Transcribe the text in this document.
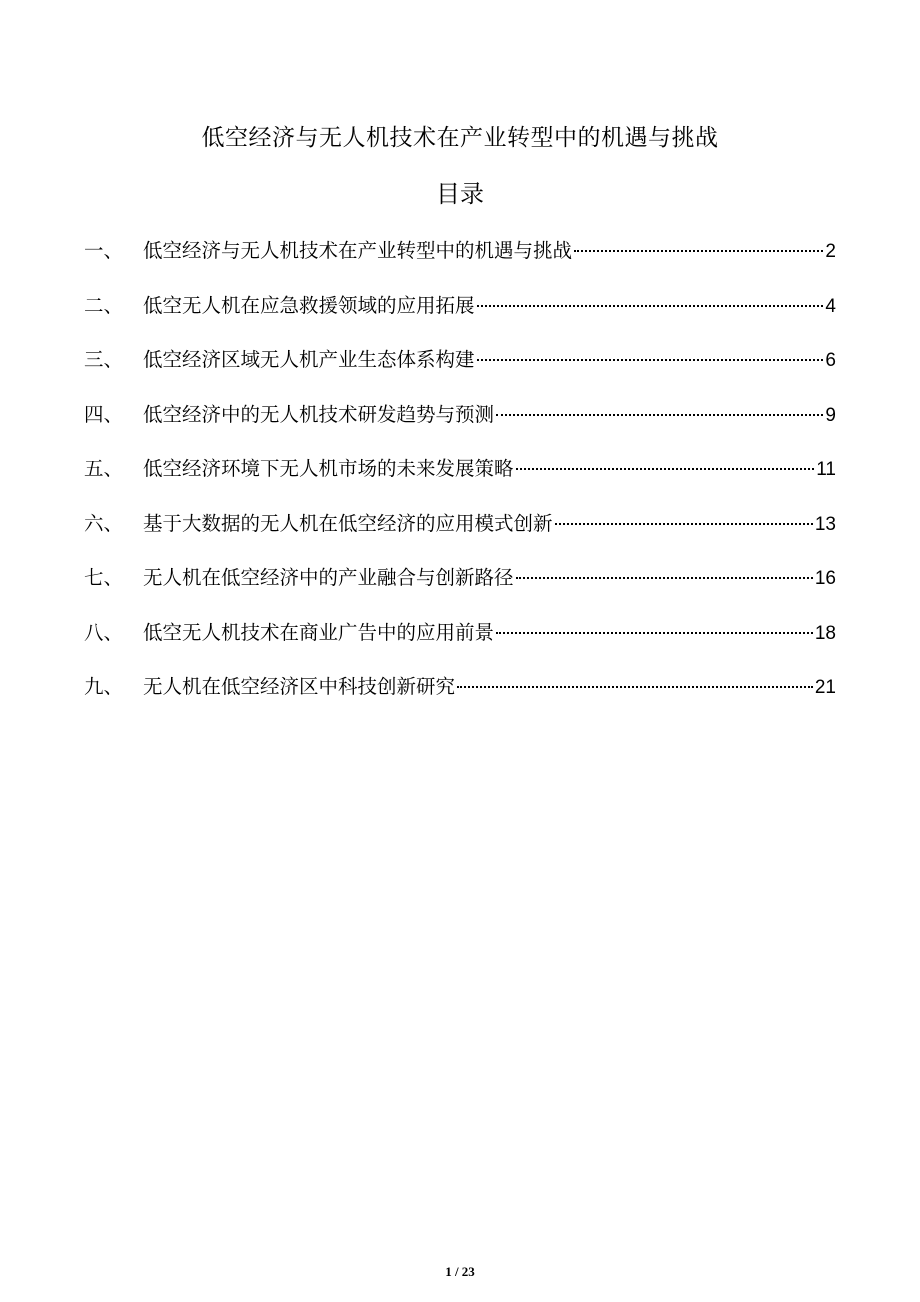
低空经济与无人机技术在产业转型中的机遇与挑战
目录
一、	低空经济与无人机技术在产业转型中的机遇与挑战	2
二、	低空无人机在应急救援领域的应用拓展	4
三、	低空经济区域无人机产业生态体系构建	6
四、	低空经济中的无人机技术研发趋势与预测	9
五、	低空经济环境下无人机市场的未来发展策略	11
六、	基于大数据的无人机在低空经济的应用模式创新	13
七、	无人机在低空经济中的产业融合与创新路径	16
八、	低空无人机技术在商业广告中的应用前景	18
九、	无人机在低空经济区中科技创新研究	21
1 / 23
